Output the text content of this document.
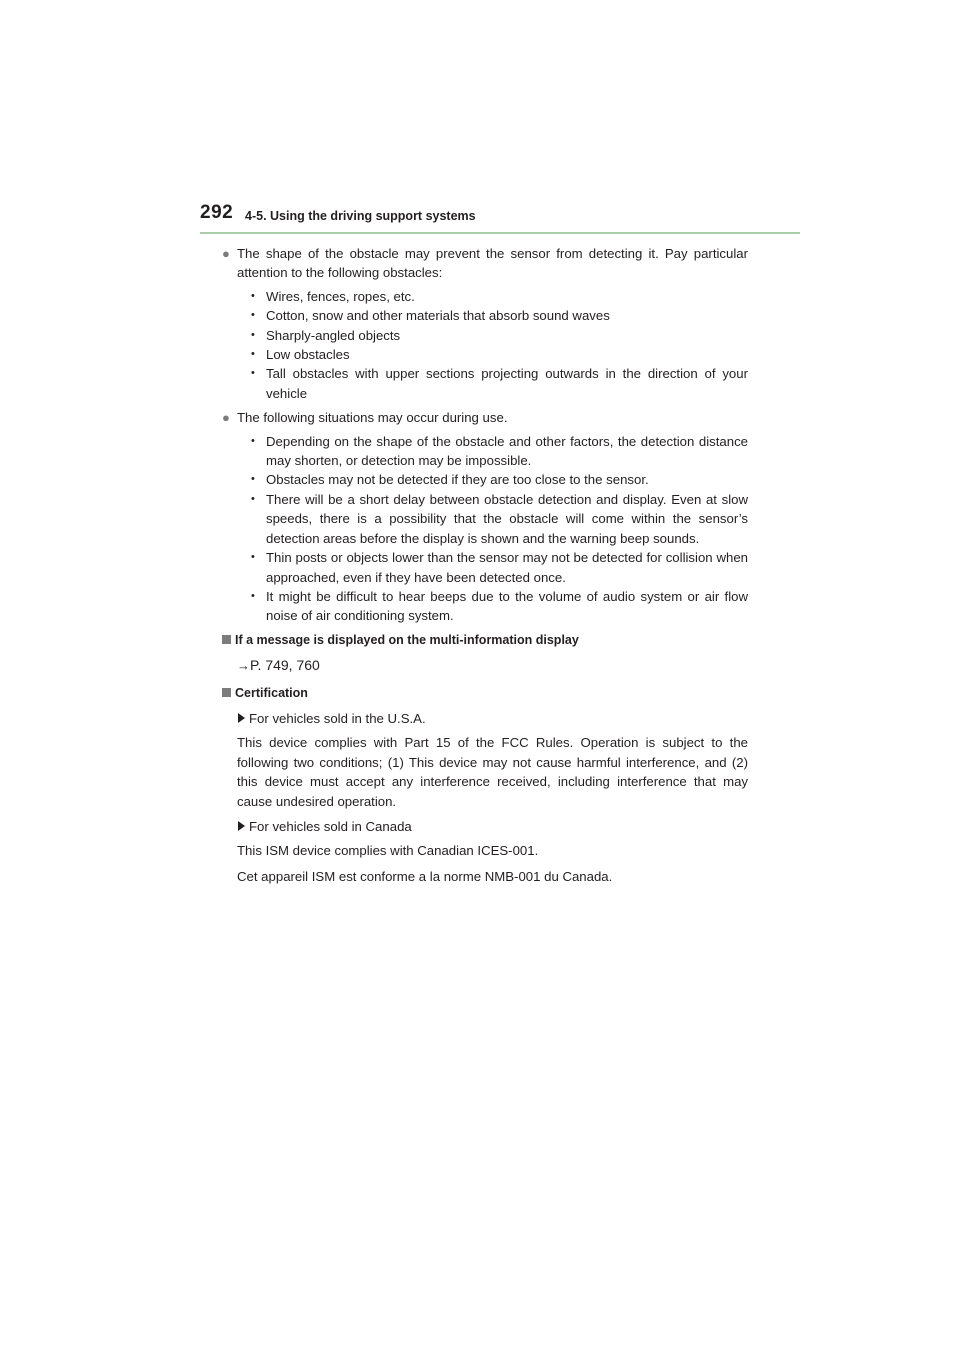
292 4-5. Using the driving support systems
● The shape of the obstacle may prevent the sensor from detecting it. Pay particular attention to the following obstacles:

• Wires, fences, ropes, etc.
• Cotton, snow and other materials that absorb sound waves
• Sharply-angled objects
• Low obstacles
• Tall obstacles with upper sections projecting outwards in the direction of your vehicle
● The following situations may occur during use.

• Depending on the shape of the obstacle and other factors, the detection distance may shorten, or detection may be impossible.
• Obstacles may not be detected if they are too close to the sensor.
• There will be a short delay between obstacle detection and display. Even at slow speeds, there is a possibility that the obstacle will come within the sensor’s detection areas before the display is shown and the warning beep sounds.
• Thin posts or objects lower than the sensor may not be detected for collision when approached, even if they have been detected once.
• It might be difficult to hear beeps due to the volume of audio system or air flow noise of air conditioning system.
If a message is displayed on the multi-information display
→P. 749, 760
Certification
For vehicles sold in the U.S.A.

This device complies with Part 15 of the FCC Rules. Operation is subject to the following two conditions; (1) This device may not cause harmful interference, and (2) this device must accept any interference received, including interference that may cause undesired operation.

For vehicles sold in Canada

This ISM device complies with Canadian ICES-001.

Cet appareil ISM est conforme a la norme NMB-001 du Canada.
